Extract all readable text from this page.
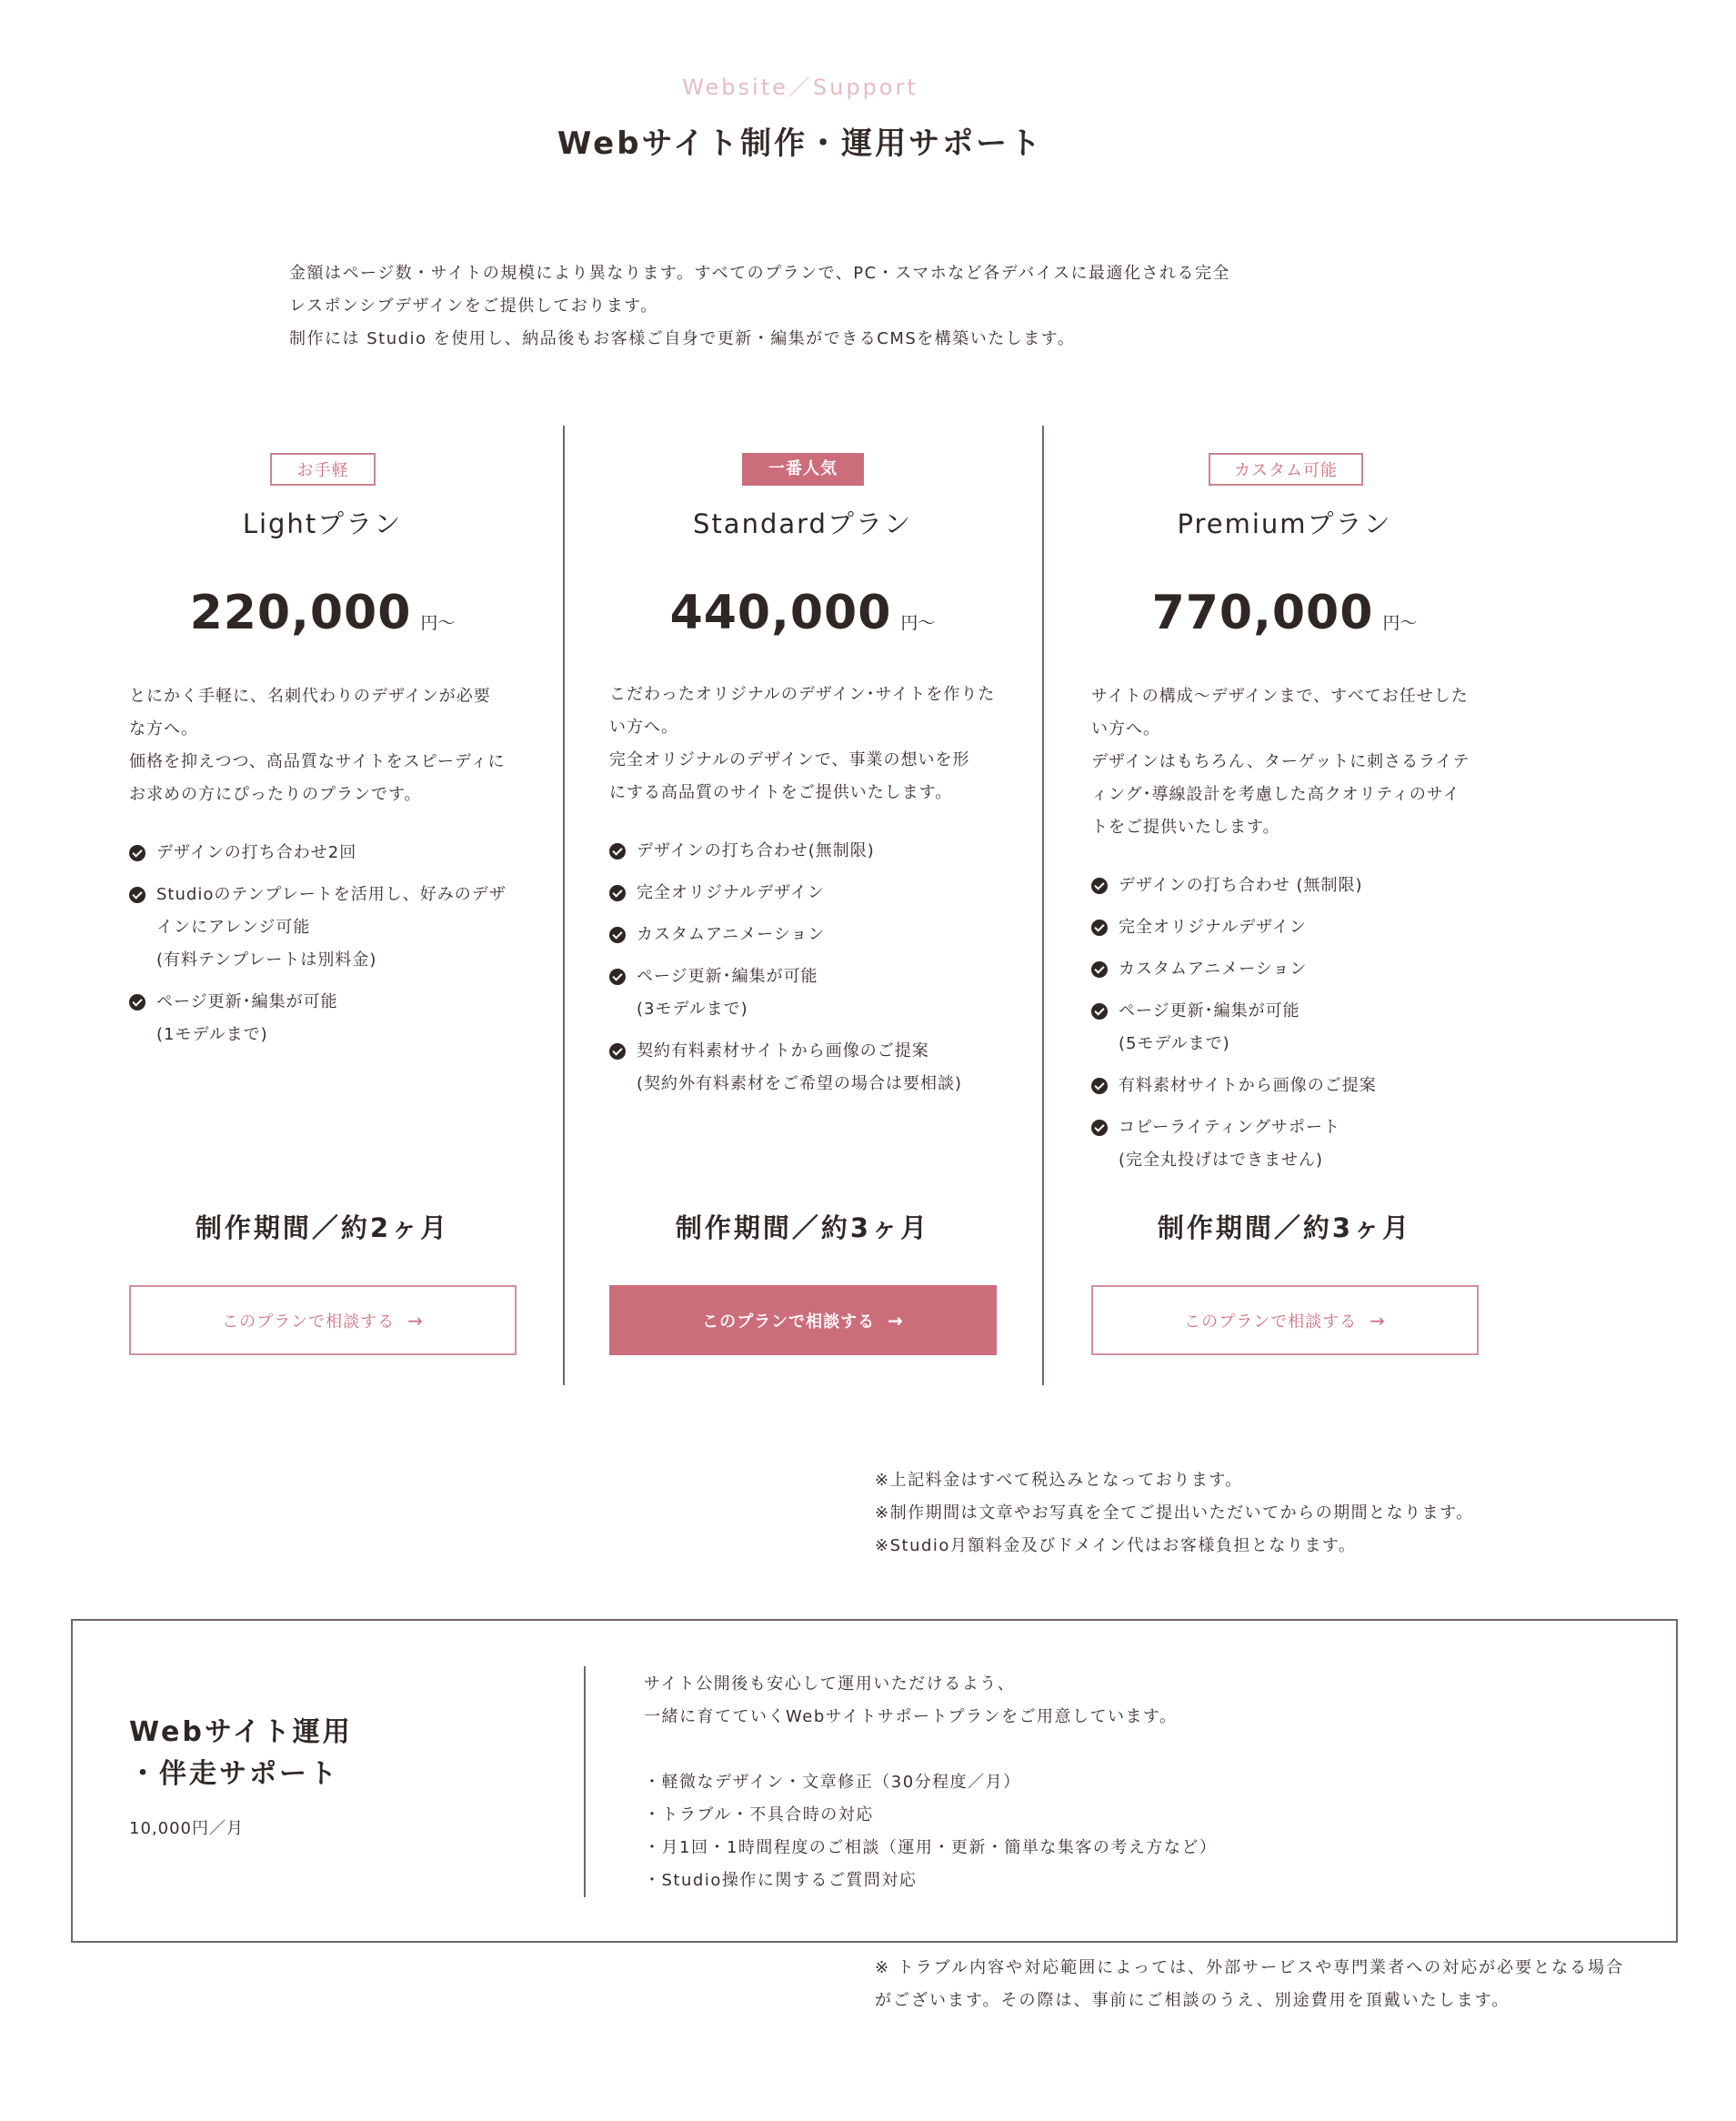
Website／Support
Webサイト制作・運用サポート
金額はページ数・サイトの規模により異なります。すべてのプランで、PC・スマホなど各デバイスに最適化される完全
レスポンシブデザインをご提供しております。
制作には Studio を使用し、納品後もお客様ご自身で更新・編集ができるCMSを構築いたします。
お手軽
Lightプラン
220,000 円〜
とにかく手軽に、名刺代わりのデザインが必要
な方へ。
価格を抑えつつ、高品質なサイトをスピーディに
お求めの方にぴったりのプランです。
デザインの打ち合わせ2回
Studioのテンプレートを活用し、好みのデザ
インにアレンジ可能
(有料テンプレートは別料金)
ページ更新･編集が可能
(1モデルまで)
制作期間／約2ヶ月
このプランで相談する →
一番人気
Standardプラン
440,000 円〜
こだわったオリジナルのデザイン･サイトを作りた
い方へ。
完全オリジナルのデザインで、事業の想いを形
にする高品質のサイトをご提供いたします。
デザインの打ち合わせ(無制限)
完全オリジナルデザイン
カスタムアニメーション
ページ更新･編集が可能
(3モデルまで)
契約有料素材サイトから画像のご提案
(契約外有料素材をご希望の場合は要相談)
制作期間／約3ヶ月
このプランで相談する →
カスタム可能
Premiumプラン
770,000 円〜
サイトの構成〜デザインまで、すべてお任せした
い方へ。
デザインはもちろん、ターゲットに刺さるライテ
ィング･導線設計を考慮した高クオリティのサイ
トをご提供いたします。
デザインの打ち合わせ (無制限)
完全オリジナルデザイン
カスタムアニメーション
ページ更新･編集が可能
(5モデルまで)
有料素材サイトから画像のご提案
コピーライティングサポート
(完全丸投げはできません)
制作期間／約3ヶ月
このプランで相談する →
※上記料金はすべて税込みとなっております。
※制作期間は文章やお写真を全てご提出いただいてからの期間となります。
※Studio月額料金及びドメイン代はお客様負担となります。
Webサイト運用
・伴走サポート
10,000円／月
サイト公開後も安心して運用いただけるよう、
一緒に育てていくWebサイトサポートプランをご用意しています。
・軽微なデザイン・文章修正（30分程度／月）
・トラブル・不具合時の対応
・月1回・1時間程度のご相談（運用・更新・簡単な集客の考え方など）
・Studio操作に関するご質問対応
※ トラブル内容や対応範囲によっては、外部サービスや専門業者への対応が必要となる場合
がございます。その際は、事前にご相談のうえ、別途費用を頂戴いたします。
